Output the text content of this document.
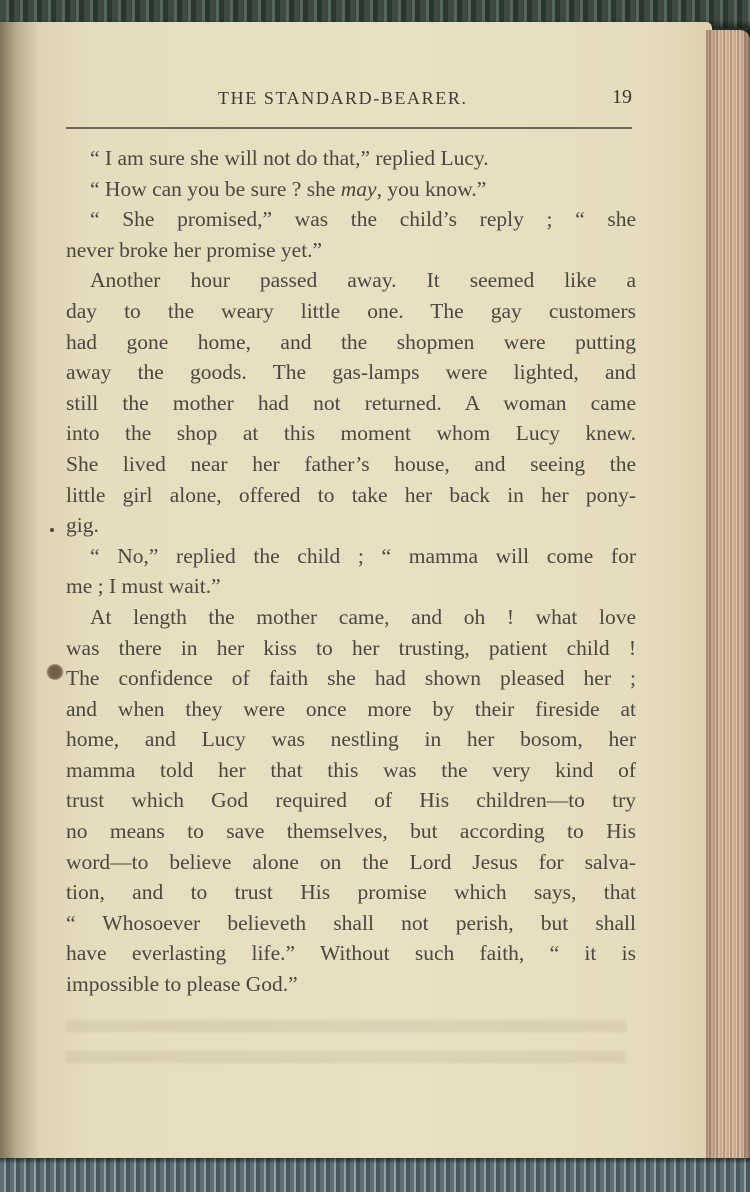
THE STANDARD-BEARER.	19
“ I am sure she will not do that,” replied Lucy.
“ How can you be sure ? she may, you know.”
“ She promised,” was the child’s reply ; “ she
never broke her promise yet.”
Another hour passed away. It seemed like a
day to the weary little one. The gay customers
had gone home, and the shopmen were putting
away the goods. The gas-lamps were lighted, and
still the mother had not returned. A woman came
into the shop at this moment whom Lucy knew.
She lived near her father’s house, and seeing the
little girl alone, offered to take her back in her pony-
gig.
“ No,” replied the child ; “ mamma will come for
me ; I must wait.”
At length the mother came, and oh ! what love
was there in her kiss to her trusting, patient child !
The confidence of faith she had shown pleased her ;
and when they were once more by their fireside at
home, and Lucy was nestling in her bosom, her
mamma told her that this was the very kind of
trust which God required of His children—to try
no means to save themselves, but according to His
word—to believe alone on the Lord Jesus for salva-
tion, and to trust His promise which says, that
“ Whosoever believeth shall not perish, but shall
have everlasting life.” Without such faith, “ it is
impossible to please God.”
